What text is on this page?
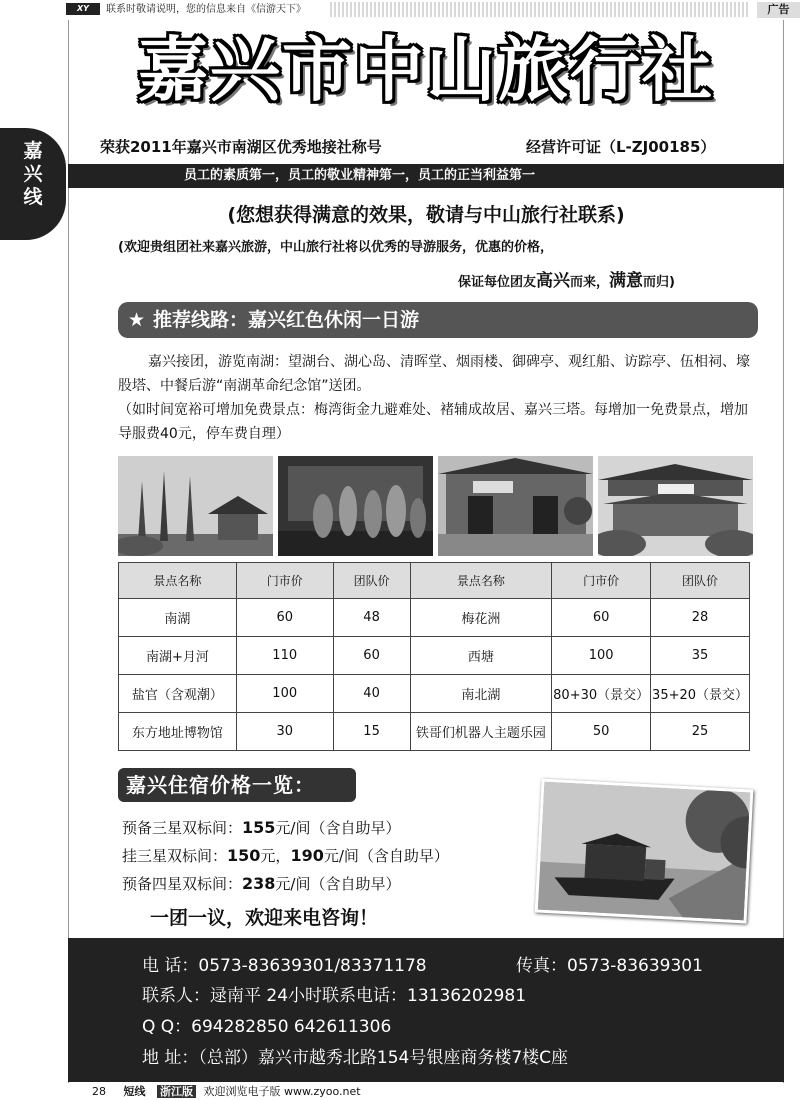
XY	联系时敬请说明，您的信息来自《信游天下》	广告
嘉
兴
线
嘉兴市中山旅行社
荣获2011年嘉兴市南湖区优秀地接社称号	经营许可证（L-ZJ00185）
员工的素质第一，员工的敬业精神第一，员工的正当利益第一
(您想获得满意的效果，敬请与中山旅行社联系)
(欢迎贵组团社来嘉兴旅游，中山旅行社将以优秀的导游服务，优惠的价格，
保证每位团友高兴而来，满意而归)
★ 推荐线路：嘉兴红色休闲一日游

嘉兴接团，游览南湖：望湖台、湖心岛、清晖堂、烟雨楼、御碑亭、观红船、访踪亭、伍相祠、壕股塔、中餐后游“南湖革命纪念馆”送团。

（如时间宽裕可增加免费景点：梅湾街金九避难处、褚辅成故居、嘉兴三塔。每增加一免费景点，增加导服费40元，停车费自理）

景点名称	门市价	团队价	景点名称	门市价	团队价
南湖	60	48	梅花洲	60	28
南湖+月河	110	60	西塘	100	35
盐官（含观潮）	100	40	南北湖	80+30（景交）	35+20（景交）
东方地址博物馆	30	15	铁哥们机器人主题乐园	50	25
嘉兴住宿价格一览：
预备三星双标间：155元/间（含自助早）
挂三星双标间：150元，190元/间（含自助早）
预备四星双标间：238元/间（含自助早）
一团一议，欢迎来电咨询！
电 话：0573-83639301/83371178	传真：0573-83639301
联系人：逯南平 24小时联系电话：13136202981
Q Q：694282850 642611306
地 址：（总部）嘉兴市越秀北路154号银座商务楼7楼C座
28 短线 浙江版 欢迎浏览电子版 www.zyoo.net
